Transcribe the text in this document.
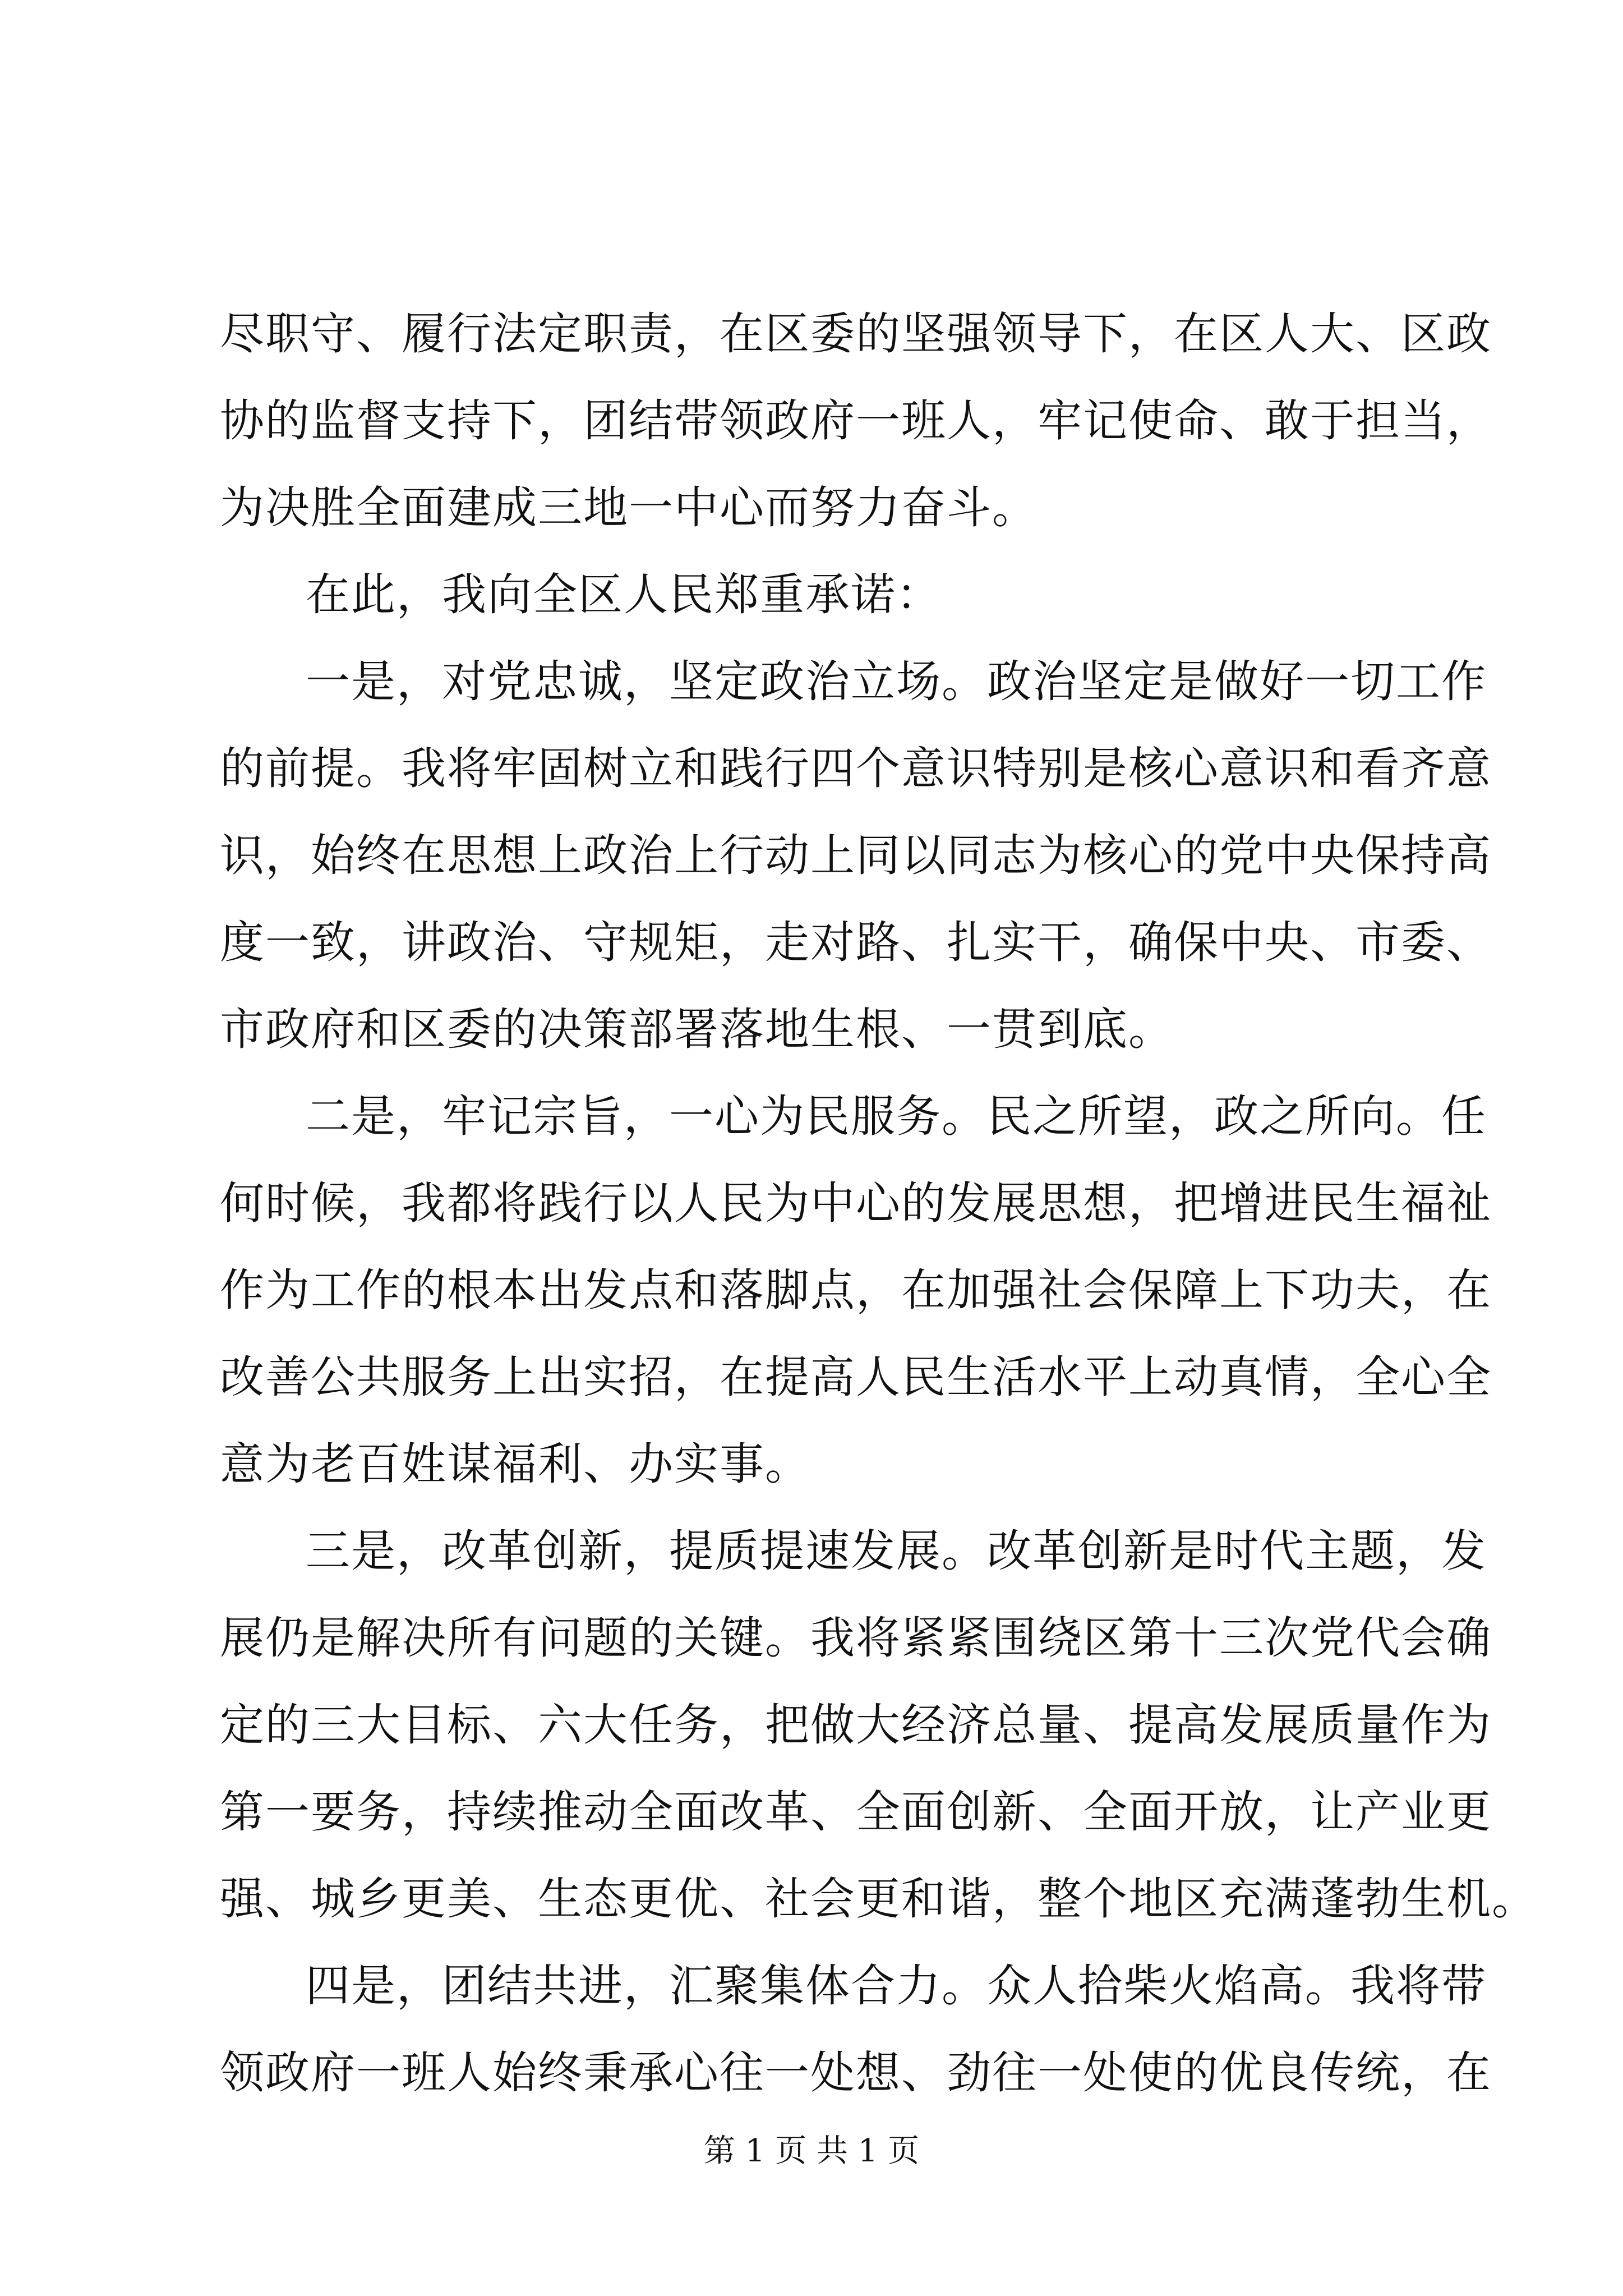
尽职守、履行法定职责，在区委的坚强领导下，在区人大、区政
协的监督支持下，团结带领政府一班人，牢记使命、敢于担当，
为决胜全面建成三地一中心而努力奋斗。
在此，我向全区人民郑重承诺：
一是，对党忠诚，坚定政治立场。政治坚定是做好一切工作
的前提。我将牢固树立和践行四个意识特别是核心意识和看齐意
识，始终在思想上政治上行动上同以同志为核心的党中央保持高
度一致，讲政治、守规矩，走对路、扎实干，确保中央、市委、
市政府和区委的决策部署落地生根、一贯到底。
二是，牢记宗旨，一心为民服务。民之所望，政之所向。任
何时候，我都将践行以人民为中心的发展思想，把增进民生福祉
作为工作的根本出发点和落脚点，在加强社会保障上下功夫，在
改善公共服务上出实招，在提高人民生活水平上动真情，全心全
意为老百姓谋福利、办实事。
三是，改革创新，提质提速发展。改革创新是时代主题，发
展仍是解决所有问题的关键。我将紧紧围绕区第十三次党代会确
定的三大目标、六大任务，把做大经济总量、提高发展质量作为
第一要务，持续推动全面改革、全面创新、全面开放，让产业更
强、城乡更美、生态更优、社会更和谐，整个地区充满蓬勃生机。
四是，团结共进，汇聚集体合力。众人拾柴火焰高。我将带
领政府一班人始终秉承心往一处想、劲往一处使的优良传统，在
第 1 页 共 1 页
